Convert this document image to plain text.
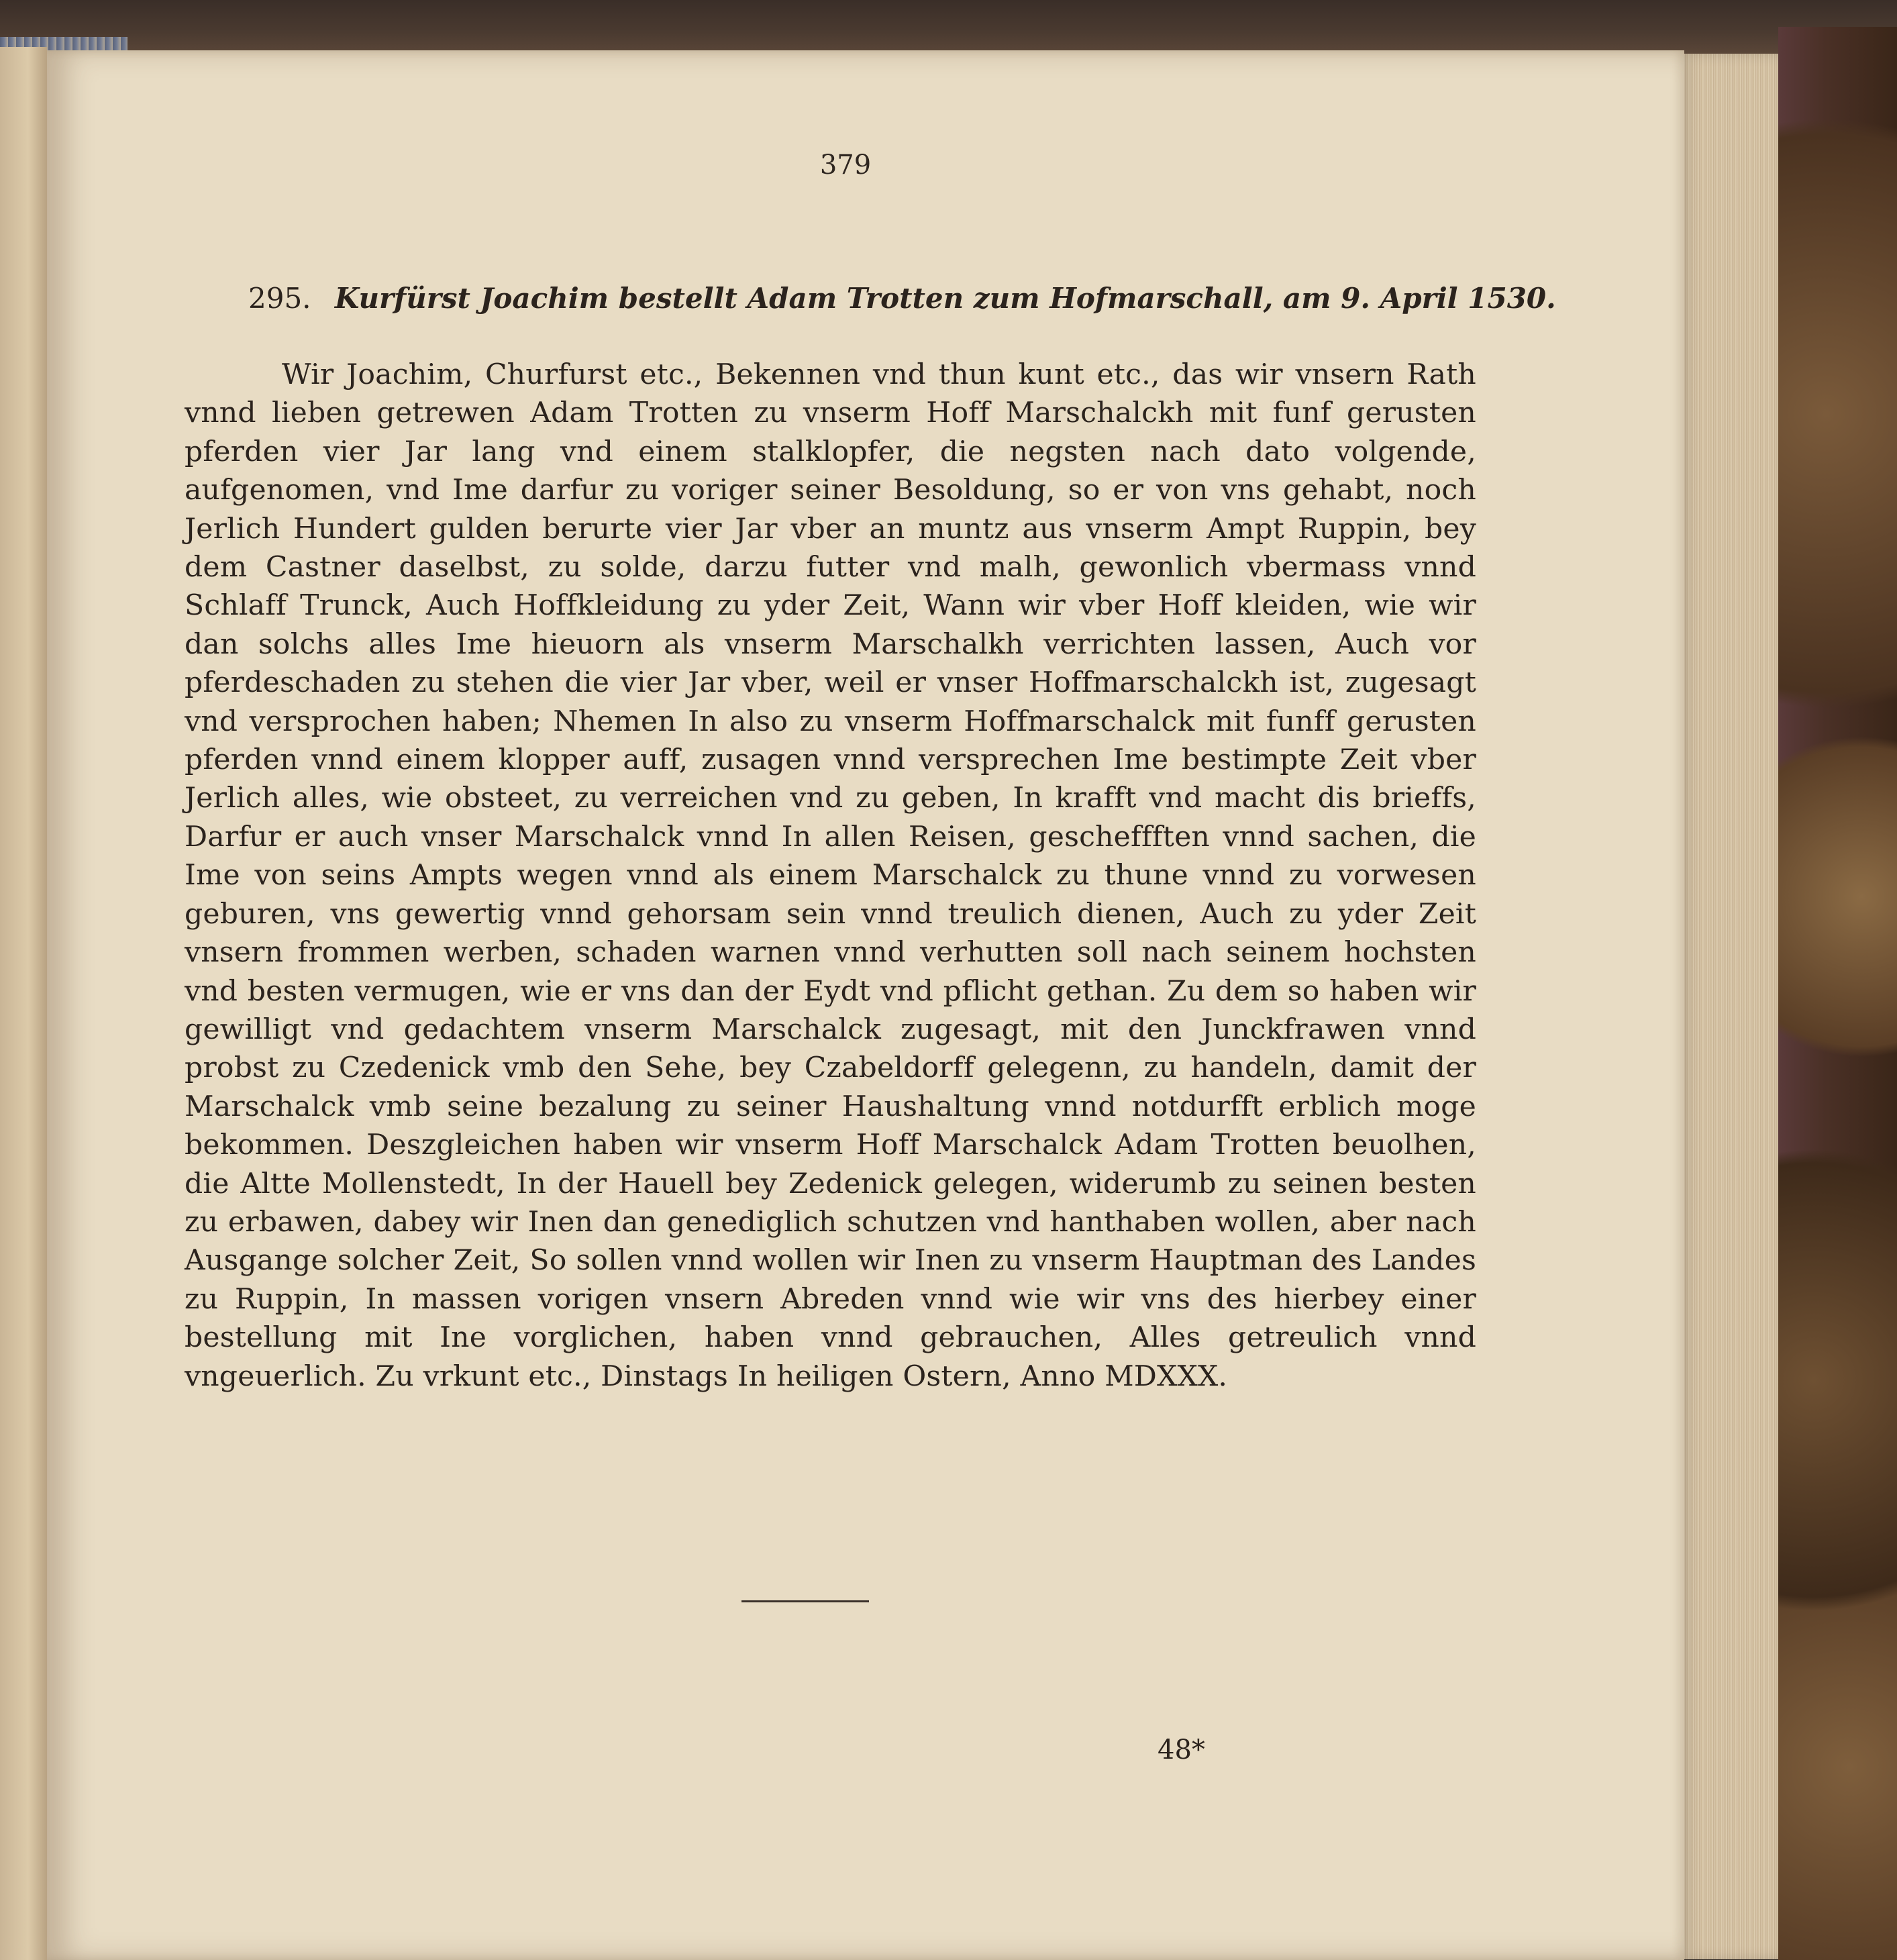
379
295. Kurfürst Joachim bestellt Adam Trotten zum Hofmarschall, am 9. April 1530.
Wir Joachim, Churfurst etc., Bekennen vnd thun kunt etc., das wir vnsern Rath vnnd lieben getrewen Adam Trotten zu vnserm Hoff Marschalckh mit funf gerusten pferden vier Jar lang vnd einem stalklopfer, die negsten nach dato volgende, aufgenomen, vnd Ime darfur zu voriger seiner Besoldung, so er von vns gehabt, noch Jerlich Hundert gulden berurte vier Jar vber an muntz aus vnserm Ampt Ruppin, bey dem Castner daselbst, zu solde, darzu futter vnd malh, gewonlich vbermass vnnd Schlaff Trunck, Auch Hoffkleidung zu yder Zeit, Wann wir vber Hoff kleiden, wie wir dan solchs alles Ime hieuorn als vnserm Marschalkh verrichten lassen, Auch vor pferdeschaden zu stehen die vier Jar vber, weil er vnser Hoffmarschalckh ist, zugesagt vnd versprochen haben; Nhemen In also zu vnserm Hoffmarschalck mit funff gerusten pferden vnnd einem klopper auff, zusagen vnnd versprechen Ime bestimpte Zeit vber Jerlich alles, wie obsteet, zu verreichen vnd zu geben, In krafft vnd macht dis brieffs, Darfur er auch vnser Marschalck vnnd In allen Reisen, gescheffften vnnd sachen, die Ime von seins Ampts wegen vnnd als einem Marschalck zu thune vnnd zu vorwesen geburen, vns gewertig vnnd gehorsam sein vnnd treulich dienen, Auch zu yder Zeit vnsern frommen werben, schaden warnen vnnd verhutten soll nach seinem hochsten vnd besten vermugen, wie er vns dan der Eydt vnd pflicht gethan. Zu dem so haben wir gewilligt vnd gedachtem vnserm Marschalck zugesagt, mit den Junckfrawen vnnd probst zu Czedenick vmb den Sehe, bey Czabeldorff gelegenn, zu handeln, damit der Marschalck vmb seine bezalung zu seiner Haushaltung vnnd notdurfft erblich moge bekommen. Deszgleichen haben wir vnserm Hoff Marschalck Adam Trotten beuolhen, die Altte Mollenstedt, In der Hauell bey Zedenick gelegen, widerumb zu seinen besten zu erbawen, dabey wir Inen dan genediglich schutzen vnd hanthaben wollen, aber nach Ausgange solcher Zeit, So sollen vnnd wollen wir Inen zu vnserm Hauptman des Landes zu Ruppin, In massen vorigen vnsern Abreden vnnd wie wir vns des hierbey einer bestellung mit Ine vorglichen, haben vnnd gebrauchen, Alles getreulich vnnd vngeuerlich. Zu vrkunt etc., Dinstags In heiligen Ostern, Anno MDXXX.
48*
